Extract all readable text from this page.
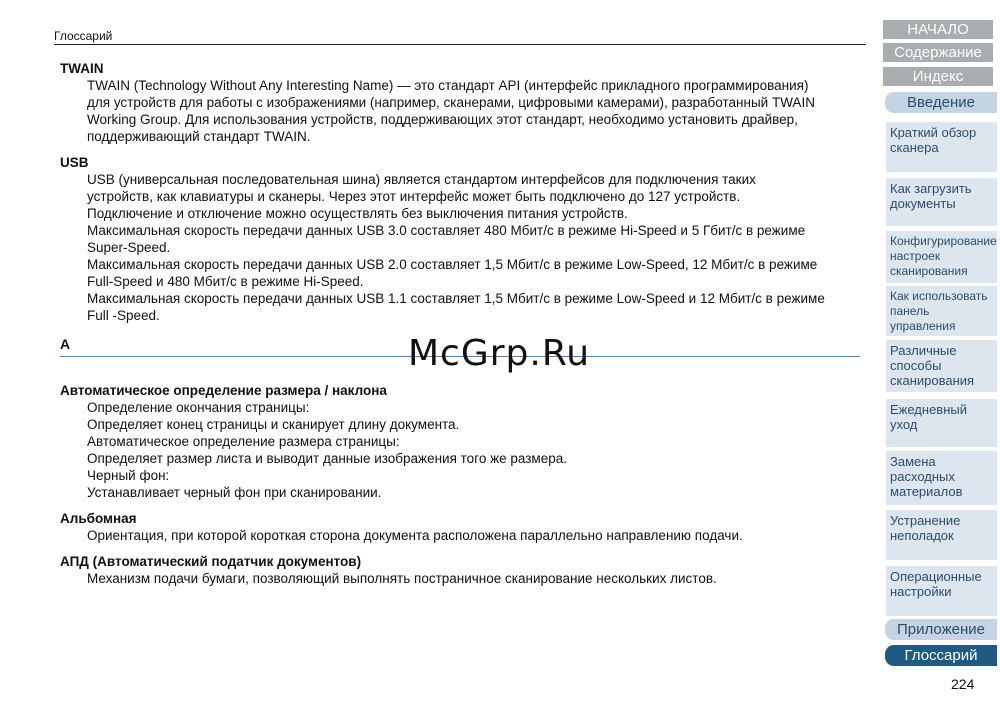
Глоссарий
TWAIN

TWAIN (Technology Without Any Interesting Name) — это стандарт API (интерфейс прикладного программирования)

для устройств для работы с изображениями (например, сканерами, цифровыми камерами), разработанный TWAIN

Working Group. Для использования устройств, поддерживающих этот стандарт, необходимо установить драйвер,

поддерживающий стандарт TWAIN.

USB

USB (универсальная последовательная шина) является стандартом интерфейсов для подключения таких

устройств, как клавиатуры и сканеры. Через этот интерфейс может быть подключено до 127 устройств.

Подключение и отключение можно осуществлять без выключения питания устройств.

Максимальная скорость передачи данных USB 3.0 составляет 480 Мбит/с в режиме Hi-Speed и 5 Гбит/с в режиме

Super-Speed.

Максимальная скорость передачи данных USB 2.0 составляет 1,5 Мбит/с в режиме Low-Speed, 12 Мбит/с в режиме

Full-Speed и 480 Мбит/с в режиме Hi-Speed.

Максимальная скорость передачи данных USB 1.1 составляет 1,5 Мбит/с в режиме Low-Speed и 12 Мбит/с в режиме

Full -Speed.

A
Автоматическое определение размера / наклона

Определение окончания страницы:

Определяет конец страницы и сканирует длину документа.

Автоматическое определение размера страницы:

Определяет размер листа и выводит данные изображения того же размера.

Черный фон:

Устанавливает черный фон при сканировании.

Альбомная

Ориентация, при которой короткая сторона документа расположена параллельно направлению подачи.

АПД (Автоматический податчик документов)

Механизм подачи бумаги, позволяющий выполнять постраничное сканирование нескольких листов.

McGrp.Ru
НАЧАЛО
Содержание
Индекс
Введение
Краткий обзор сканера
Как загрузить документы
Конфигурирование настроек сканирования
Как использовать панель управления
Различные способы сканирования
Ежедневный уход
Замена расходных материалов
Устранение неполадок
Операционные настройки
Приложение
Глоссарий
224
